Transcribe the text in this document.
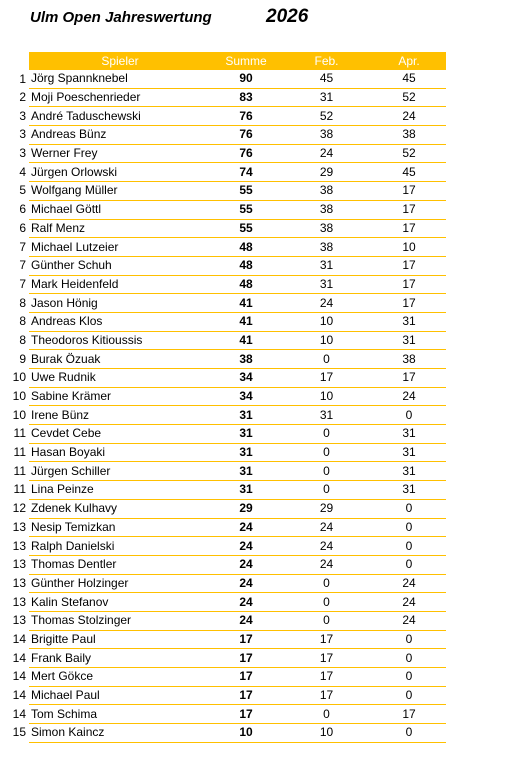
Ulm Open Jahreswertung	2026
	Spieler	Summe	Feb.	Apr.
1	Jörg Spannknebel	90	45	45
2	Moji Poeschenrieder	83	31	52
3	André Taduschewski	76	52	24
3	Andreas Bünz	76	38	38
3	Werner Frey	76	24	52
4	Jürgen Orlowski	74	29	45
5	Wolfgang Müller	55	38	17
6	Michael Göttl	55	38	17
6	Ralf Menz	55	38	17
7	Michael Lutzeier	48	38	10
7	Günther Schuh	48	31	17
7	Mark Heidenfeld	48	31	17
8	Jason Hönig	41	24	17
8	Andreas Klos	41	10	31
8	Theodoros Kitioussis	41	10	31
9	Burak Özuak	38	0	38
10	Uwe Rudnik	34	17	17
10	Sabine Krämer	34	10	24
10	Irene Bünz	31	31	0
11	Cevdet Cebe	31	0	31
11	Hasan Boyaki	31	0	31
11	Jürgen Schiller	31	0	31
11	Lina Peinze	31	0	31
12	Zdenek Kulhavy	29	29	0
13	Nesip Temizkan	24	24	0
13	Ralph Danielski	24	24	0
13	Thomas Dentler	24	24	0
13	Günther Holzinger	24	0	24
13	Kalin Stefanov	24	0	24
13	Thomas Stolzinger	24	0	24
14	Brigitte Paul	17	17	0
14	Frank Baily	17	17	0
14	Mert Gökce	17	17	0
14	Michael Paul	17	17	0
14	Tom Schima	17	0	17
15	Simon Kaincz	10	10	0
